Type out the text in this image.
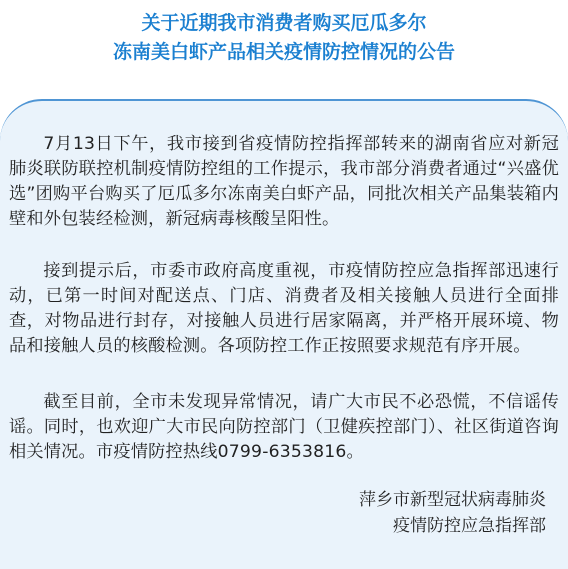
关于近期我市消费者购买厄瓜多尔
冻南美白虾产品相关疫情防控情况的公告

7月13日下午，我市接到省疫情防控指挥部转来的湖南省应对新冠肺炎联防联控机制疫情防控组的工作提示，我市部分消费者通过“兴盛优选”团购平台购买了厄瓜多尔冻南美白虾产品，同批次相关产品集装箱内壁和外包装经检测，新冠病毒核酸呈阳性。

接到提示后，市委市政府高度重视，市疫情防控应急指挥部迅速行动，已第一时间对配送点、门店、消费者及相关接触人员进行全面排查，对物品进行封存，对接触人员进行居家隔离，并严格开展环境、物品和接触人员的核酸检测。各项防控工作正按照要求规范有序开展。

截至目前，全市未发现异常情况，请广大市民不必恐慌，不信谣传谣。同时，也欢迎广大市民向防控部门（卫健疾控部门）、社区街道咨询相关情况。市疫情防控热线0799-6353816。

萍乡市新型冠状病毒肺炎

疫情防控应急指挥部
